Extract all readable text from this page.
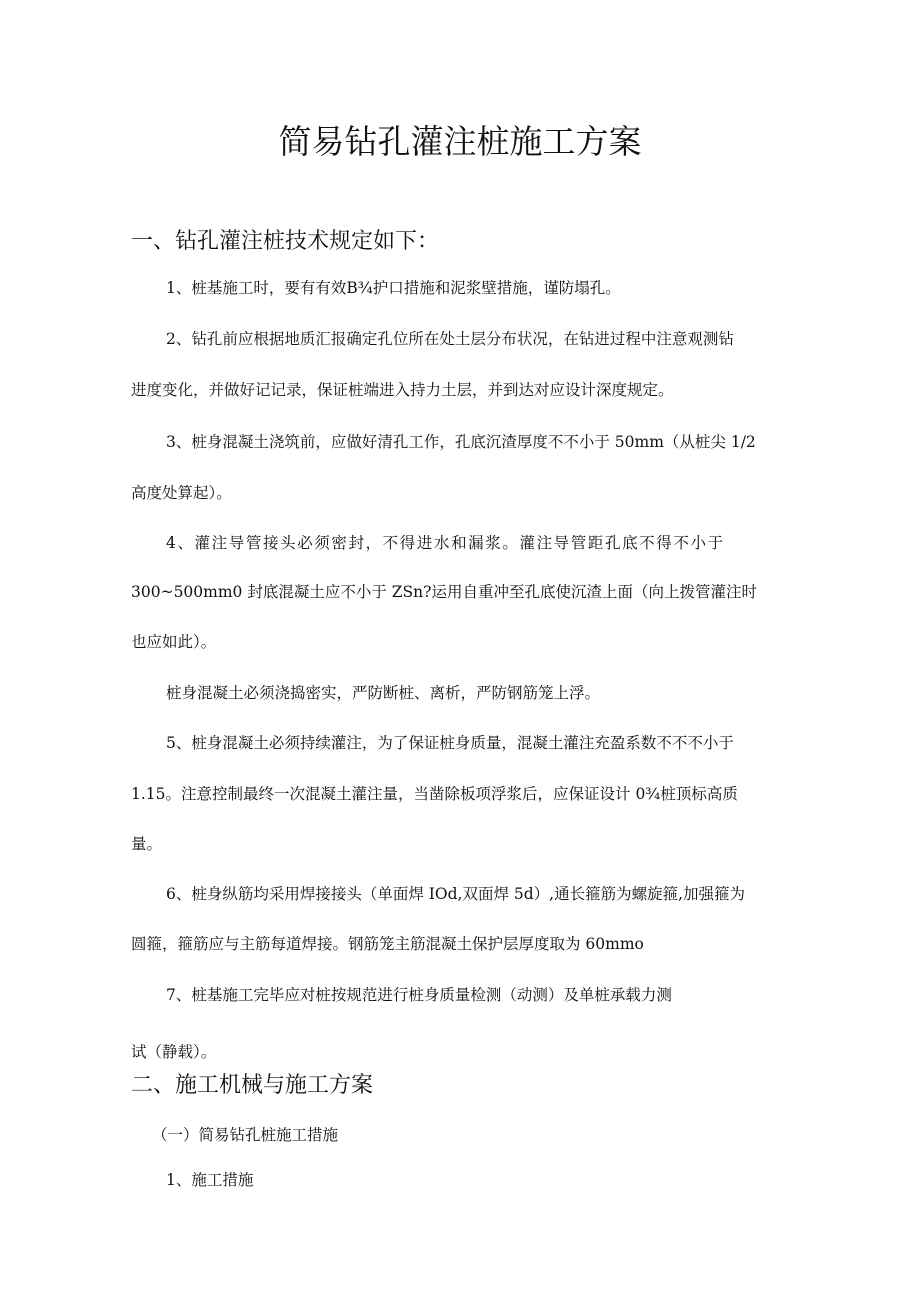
简易钻孔灌注桩施工方案
一、钻孔灌注桩技术规定如下：

1、桩基施工时，要有有效B¾护口措施和泥浆壁措施，谨防塌孔。

2、钻孔前应根据地质汇报确定孔位所在处土层分布状况，在钻进过程中注意观测钻

进度变化，并做好记记录，保证桩端进入持力土层，并到达对应设计深度规定。

3、桩身混凝土浇筑前，应做好清孔工作，孔底沉渣厚度不不小于 50mm（从桩尖 1/2

高度处算起）。

4、灌注导管接头必须密封，不得进水和漏浆。灌注导管距孔底不得不小于

300~500mm0 封底混凝土应不小于 ZSn?运用自重冲至孔底使沉渣上面（向上拨管灌注时

也应如此）。

桩身混凝土必须浇捣密实，严防断桩、离析，严防钢筋笼上浮。

5、桩身混凝土必须持续灌注，为了保证桩身质量，混凝土灌注充盈系数不不不小于

1.15。注意控制最终一次混凝土灌注量，当凿除板项浮浆后，应保证设计 0¾桩顶标高质

量。

6、桩身纵筋均采用焊接接头（单面焊 IOd,双面焊 5d）,通长箍筋为螺旋箍,加强箍为

圆箍，箍筋应与主筋每道焊接。钢筋笼主筋混凝土保护层厚度取为 60mmo

7、桩基施工完毕应对桩按规范进行桩身质量检测（动测）及单桩承载力测

试（静载）。

二、施工机械与施工方案

（一）简易钻孔桩施工措施

1、施工措施
